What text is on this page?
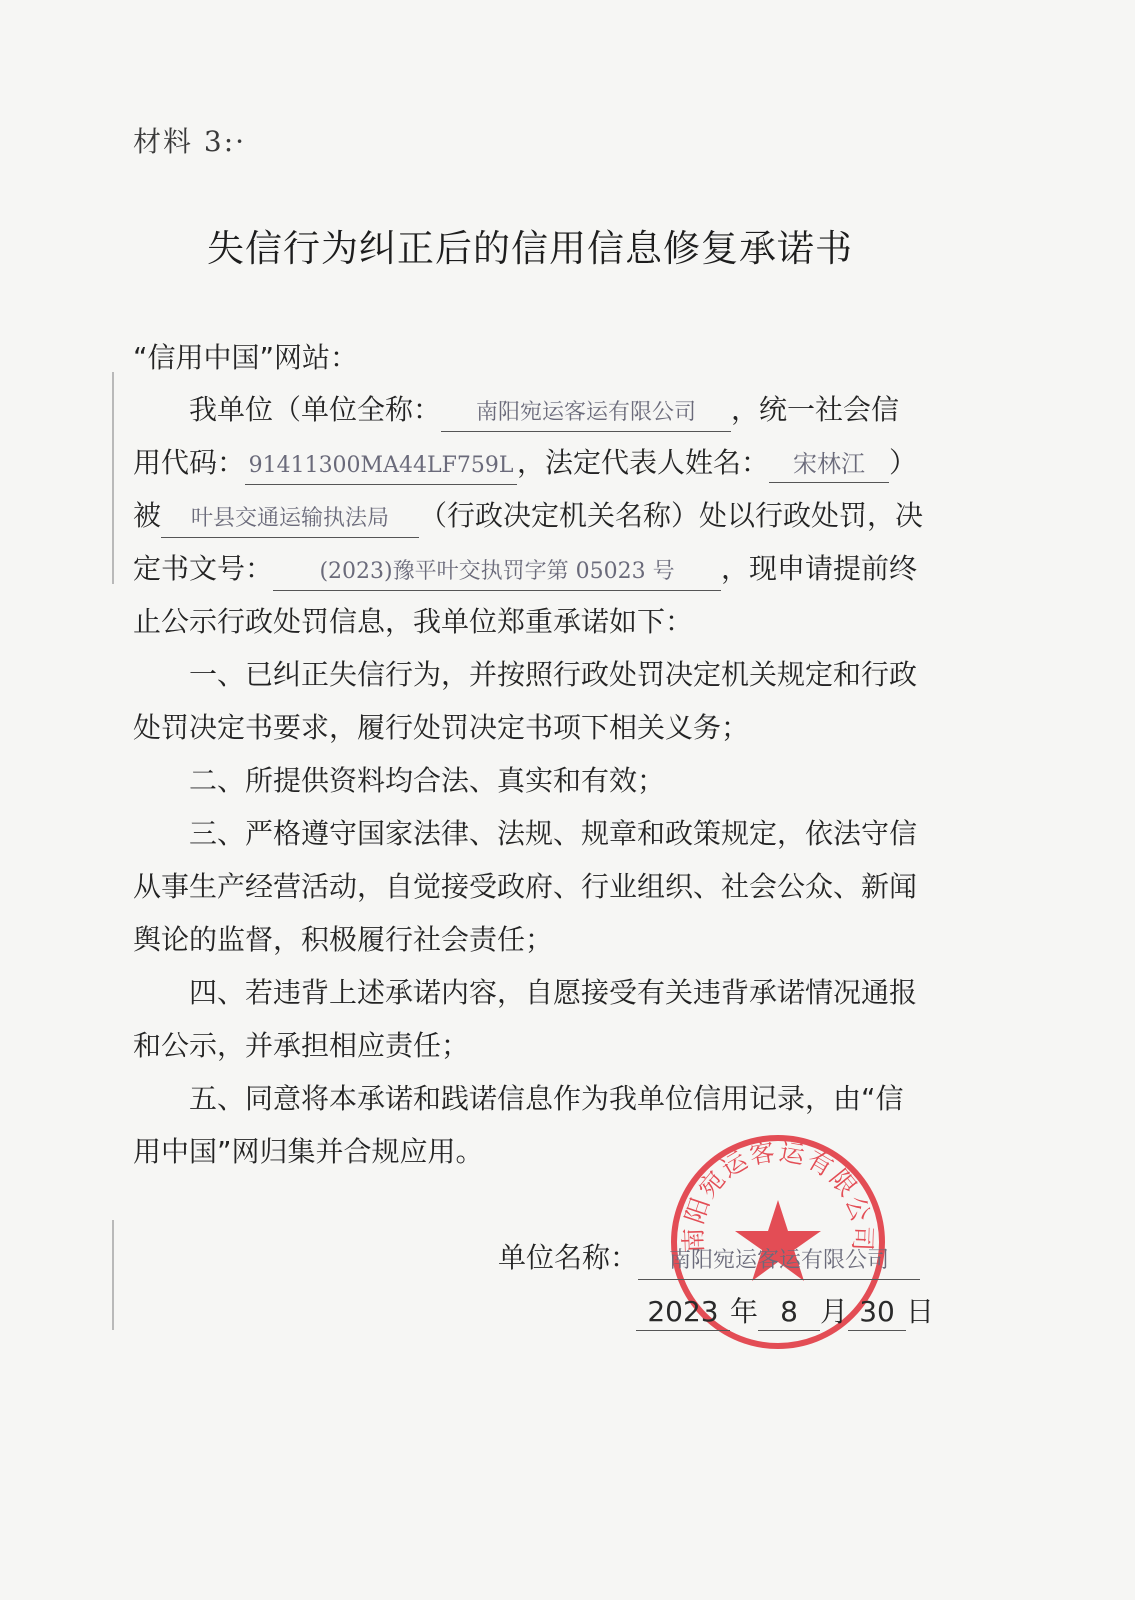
材料 3:·
失信行为纠正后的信用信息修复承诺书
“信用中国”网站：
我单位（单位全称： 南阳宛运客运有限公司 ，统一社会信
用代码： 91411300MA44LF759L ，法定代表人姓名： 宋林江 ）
被 叶县交通运输执法局 （行政决定机关名称）处以行政处罚，决
定书文号： (2023)豫平叶交执罚字第 05023 号 ，现申请提前终
止公示行政处罚信息，我单位郑重承诺如下：
一、已纠正失信行为，并按照行政处罚决定机关规定和行政
处罚决定书要求，履行处罚决定书项下相关义务；
二、所提供资料均合法、真实和有效；
三、严格遵守国家法律、法规、规章和政策规定，依法守信
从事生产经营活动，自觉接受政府、行业组织、社会公众、新闻
舆论的监督，积极履行社会责任；
四、若违背上述承诺内容，自愿接受有关违背承诺情况通报
和公示，并承担相应责任；
五、同意将本承诺和践诺信息作为我单位信用记录，由“信
用中国”网归集并合规应用。
南阳宛运客运有限公司
单位名称： 南阳宛运客运有限公司
2023 年 8 月 30 日
